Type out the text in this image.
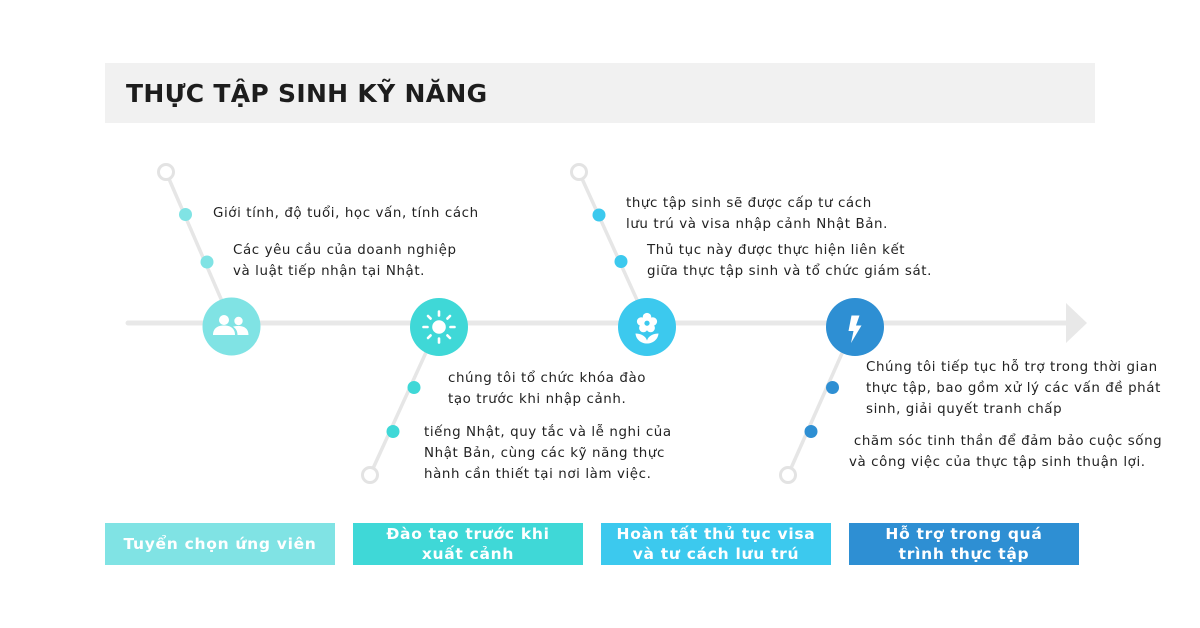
THỰC TẬP SINH KỸ NĂNG
Giới tính, độ tuổi, học vấn, tính cách
Các yêu cầu của doanh nghiệp
và luật tiếp nhận tại Nhật.
chúng tôi tổ chức khóa đào
tạo trước khi nhập cảnh.
tiếng Nhật, quy tắc và lễ nghi của
Nhật Bản, cùng các kỹ năng thực
hành cần thiết tại nơi làm việc.
thực tập sinh sẽ được cấp tư cách
lưu trú và visa nhập cảnh Nhật Bản.
Thủ tục này được thực hiện liên kết
giữa thực tập sinh và tổ chức giám sát.
Chúng tôi tiếp tục hỗ trợ trong thời gian
thực tập, bao gồm xử lý các vấn đề phát
sinh, giải quyết tranh chấp
chăm sóc tinh thần để đảm bảo cuộc sống
và công việc của thực tập sinh thuận lợi.
Tuyển chọn ứng viên
Đào tạo trước khi
xuất cảnh
Hoàn tất thủ tục visa
và tư cách lưu trú
Hỗ trợ trong quá
trình thực tập
